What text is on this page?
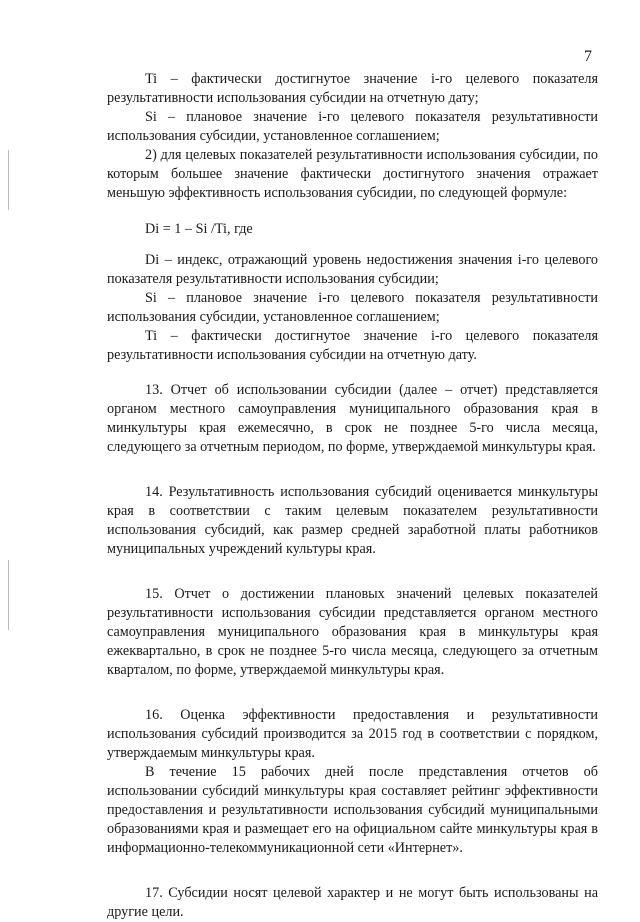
7

Ti – фактически достигнутое значение i-го целевого показателя результативности использования субсидии на отчетную дату;

Si – плановое значение i-го целевого показателя результативности использования субсидии, установленное соглашением;

2) для целевых показателей результативности использования субсидии, по которым большее значение фактически достигнутого значения отражает меньшую эффективность использования субсидии, по следующей формуле:

Di = 1 – Si /Ti, где

Di – индекс, отражающий уровень недостижения значения i-го целевого показателя результативности использования субсидии;

Si – плановое значение i-го целевого показателя результативности использования субсидии, установленное соглашением;

Ti – фактически достигнутое значение i-го целевого показателя результативности использования субсидии на отчетную дату.

13. Отчет об использовании субсидии (далее – отчет) представляется органом местного самоуправления муниципального образования края в минкультуры края ежемесячно, в срок не позднее 5-го числа месяца, следующего за отчетным периодом, по форме, утверждаемой минкультуры края.

14. Результативность использования субсидий оценивается минкультуры края в соответствии с таким целевым показателем результативности использования субсидий, как размер средней заработной платы работников муниципальных учреждений культуры края.

15. Отчет о достижении плановых значений целевых показателей результативности использования субсидии представляется органом местного самоуправления муниципального образования края в минкультуры края ежеквартально, в срок не позднее 5-го числа месяца, следующего за отчетным кварталом, по форме, утверждаемой минкультуры края.

16. Оценка эффективности предоставления и результативности использования субсидий производится за 2015 год в соответствии с порядком, утверждаемым минкультуры края.

В течение 15 рабочих дней после представления отчетов об использовании субсидий минкультуры края составляет рейтинг эффективности предоставления и результативности использования субсидий муниципальными образованиями края и размещает его на официальном сайте минкультуры края в информационно-телекоммуникационной сети «Интернет».

17. Субсидии носят целевой характер и не могут быть использованы на другие цели.
